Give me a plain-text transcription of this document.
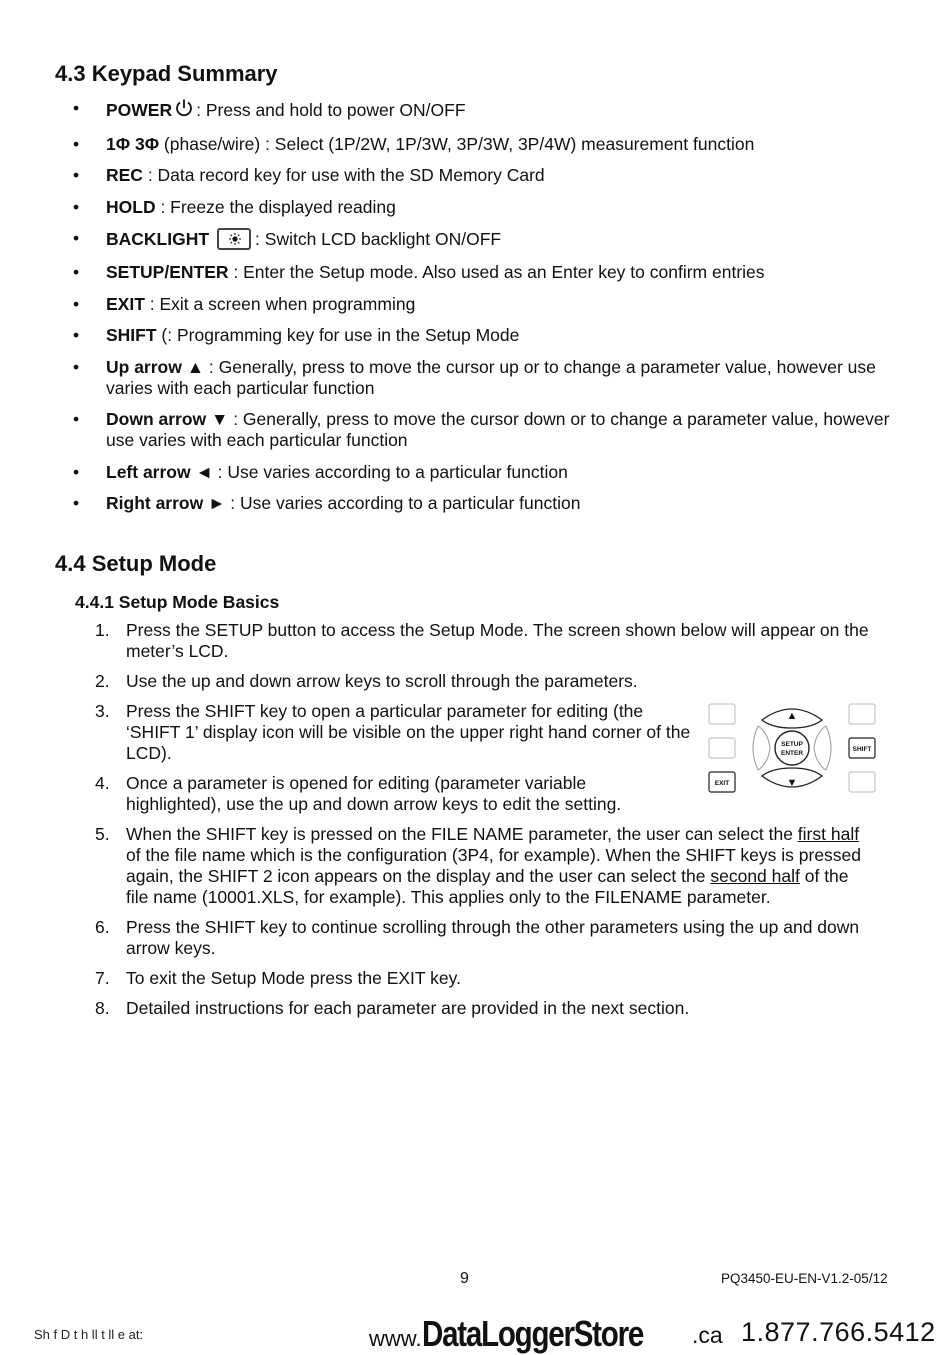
4.3 Keypad Summary
• POWER : Press and hold to power ON/OFF
• 1Φ 3Φ (phase/wire) : Select (1P/2W, 1P/3W, 3P/3W, 3P/4W) measurement function
• REC : Data record key for use with the SD Memory Card
• HOLD : Freeze the displayed reading
• BACKLIGHT	: Switch LCD backlight ON/OFF
• SETUP/ENTER : Enter the Setup mode. Also used as an Enter key to confirm entries
• EXIT : Exit a screen when programming
• SHIFT (: Programming key for use in the Setup Mode
• Up arrow ▲ : Generally, press to move the cursor up or to change a parameter value, however use varies with each particular function
• Down arrow ▼ : Generally, press to move the cursor down or to change a parameter value, however use varies with each particular function
• Left arrow ◄ : Use varies according to a particular function
• Right arrow ► : Use varies according to a particular function
4.4 Setup Mode
4.4.1 Setup Mode Basics
1. Press the SETUP button to access the Setup Mode. The screen shown below will appear on the meter’s LCD.
2. Use the up and down arrow keys to scroll through the parameters.
3. Press the SHIFT key to open a particular parameter for editing (the ‘SHIFT 1’ display icon will be visible on the upper right hand corner of the LCD).
4. Once a parameter is opened for editing (parameter variable highlighted), use the up and down arrow keys to edit the setting.
5. When the SHIFT key is pressed on the FILE NAME parameter, the user can select the first half of the file name which is the configuration (3P4, for example). When the SHIFT keys is pressed again, the SHIFT 2 icon appears on the display and the user can select the second half of the file name (10001.XLS, for example). This applies only to the FILENAME parameter.
6. Press the SHIFT key to continue scrolling through the other parameters using the up and down arrow keys.
7. To exit the Setup Mode press the EXIT key.
8. Detailed instructions for each parameter are provided in the next section.
SETUP
ENTER
SHIFT
EXIT
▲
▼
9	PQ3450-EU-EN-V1.2-05/12
Sh f D t h ll t ll e at:	www.DataLoggerStore	.ca 1.877.766.5412
